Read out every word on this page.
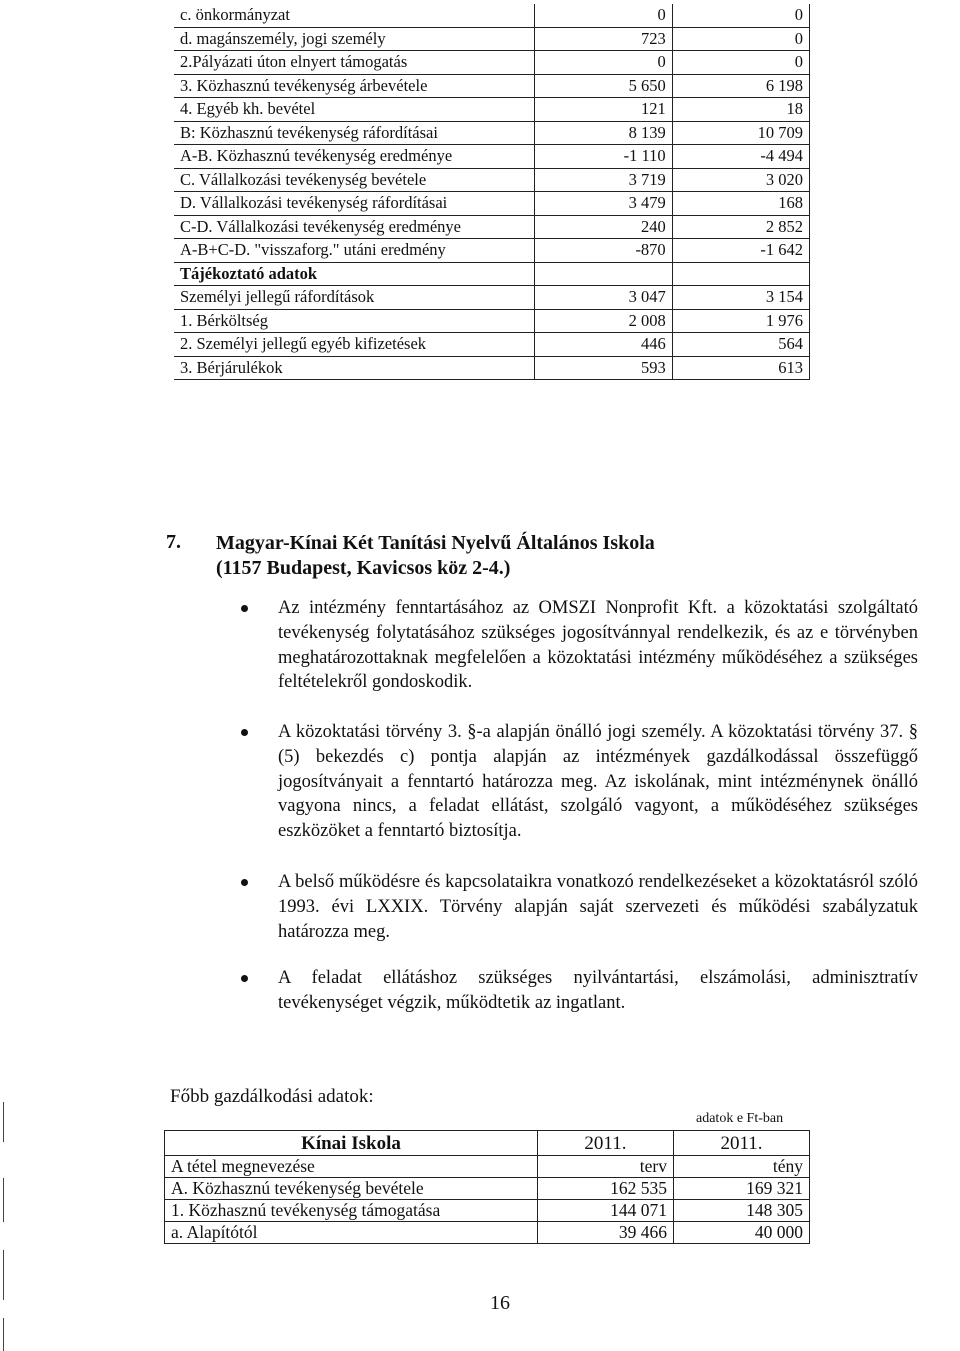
c. önkormányzat	0	0
d. magánszemély, jogi személy	723	0
2.Pályázati úton elnyert támogatás	0	0
3. Közhasznú tevékenység árbevétele	5 650	6 198
4. Egyéb kh. bevétel	121	18
B: Közhasznú tevékenység ráfordításai	8 139	10 709
A-B. Közhasznú tevékenység eredménye	-1 110	-4 494
C. Vállalkozási tevékenység bevétele	3 719	3 020
D. Vállalkozási tevékenység ráfordításai	3 479	168
C-D. Vállalkozási tevékenység eredménye	240	2 852
A-B+C-D. "visszaforg." utáni eredmény	-870	-1 642
Tájékoztató adatok		
Személyi jellegű ráfordítások	3 047	3 154
1. Bérköltség	2 008	1 976
2. Személyi jellegű egyéb kifizetések	446	564
3. Bérjárulékok	593	613
7. Magyar-Kínai Két Tanítási Nyelvű Általános Iskola
(1157 Budapest, Kavicsos köz 2-4.)
Az intézmény fenntartásához az OMSZI Nonprofit Kft. a közoktatási szolgáltató tevékenység folytatásához szükséges jogosítvánnyal rendelkezik, és az e törvényben meghatározottaknak megfelelően a közoktatási intézmény működéséhez a szükséges feltételekről gondoskodik.
A közoktatási törvény 3. §-a alapján önálló jogi személy. A közoktatási törvény 37. § (5) bekezdés c) pontja alapján az intézmények gazdálkodással összefüggő jogosítványait a fenntartó határozza meg. Az iskolának, mint intézménynek önálló vagyona nincs, a feladat ellátást, szolgáló vagyont, a működéséhez szükséges eszközöket a fenntartó biztosítja.
A belső működésre és kapcsolataikra vonatkozó rendelkezéseket a közoktatásról szóló 1993. évi LXXIX. Törvény alapján saját szervezeti és működési szabályzatuk határozza meg.
A feladat ellátáshoz szükséges nyilvántartási, elszámolási, adminisztratív tevékenységet végzik, működtetik az ingatlant.
Főbb gazdálkodási adatok:
adatok e Ft-ban
Kínai Iskola	2011.	2011.
A tétel megnevezése	terv	tény
A. Közhasznú tevékenység bevétele	162 535	169 321
1. Közhasznú tevékenység támogatása	144 071	148 305
a. Alapítótól	39 466	40 000
16
